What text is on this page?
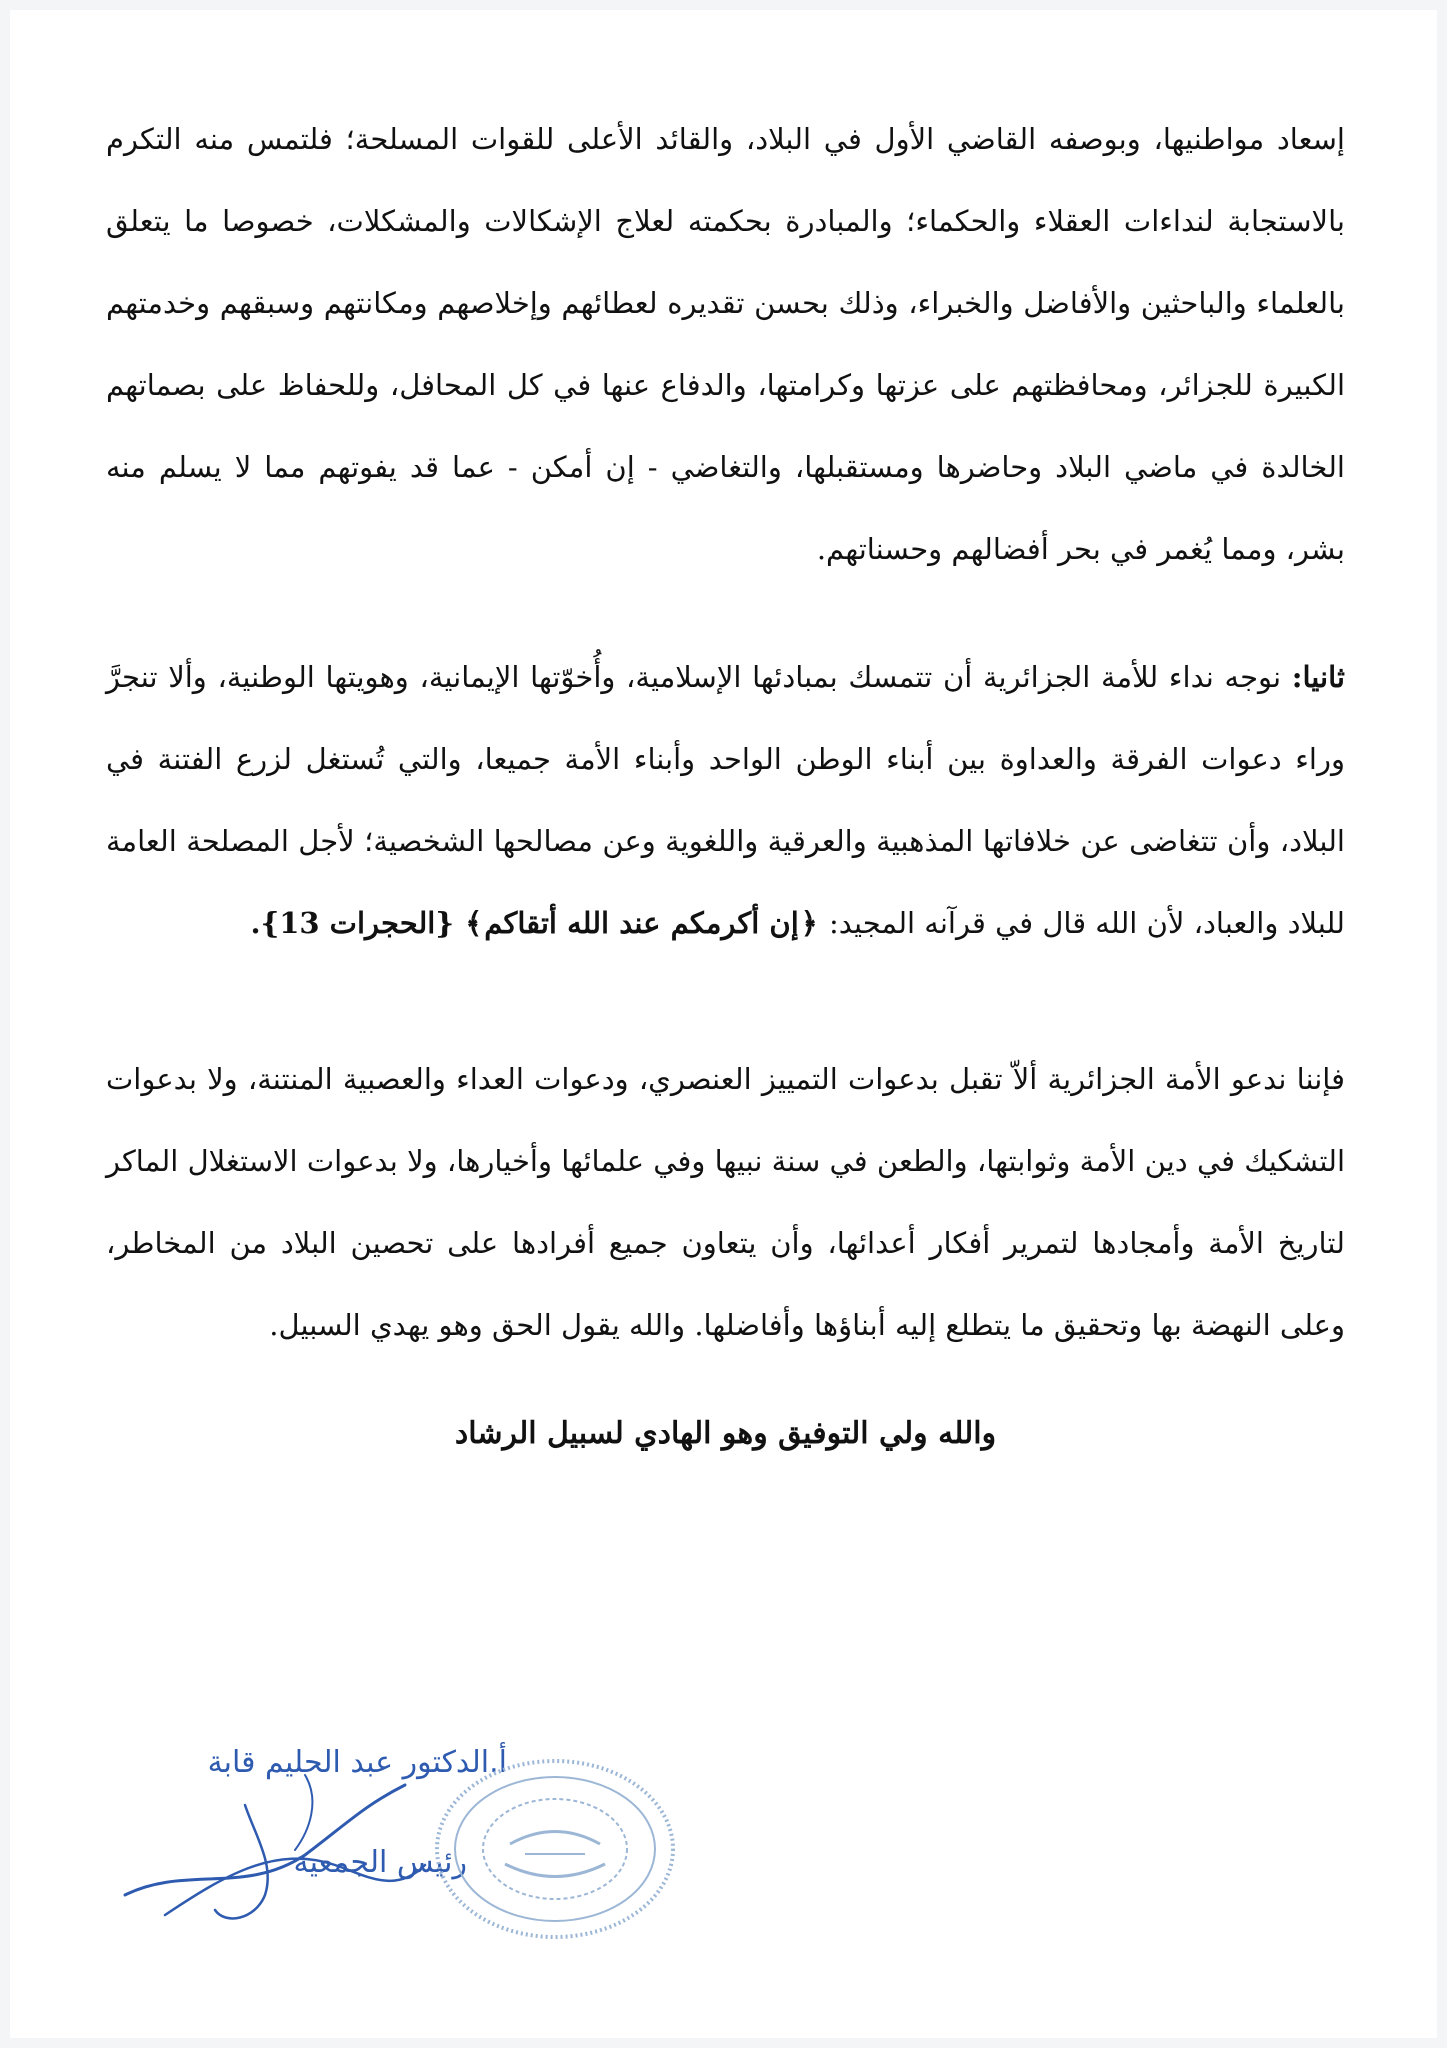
إسعاد مواطنيها، وبوصفه القاضي الأول في البلاد، والقائد الأعلى للقوات المسلحة؛ فلتمس منه التكرم بالاستجابة لنداءات العقلاء والحكماء؛ والمبادرة بحكمته لعلاج الإشكالات والمشكلات، خصوصا ما يتعلق بالعلماء والباحثين والأفاضل والخبراء، وذلك بحسن تقديره لعطائهم وإخلاصهم ومكانتهم وسبقهم وخدمتهم الكبيرة للجزائر، ومحافظتهم على عزتها وكرامتها، والدفاع عنها في كل المحافل، وللحفاظ على بصماتهم الخالدة في ماضي البلاد وحاضرها ومستقبلها، والتغاضي - إن أمكن - عما قد يفوتهم مما لا يسلم منه بشر، ومما يُغمر في بحر أفضالهم وحسناتهم.

ثانيا: نوجه نداء للأمة الجزائرية أن تتمسك بمبادئها الإسلامية، وأُخوّتها الإيمانية، وهويتها الوطنية، وألا تنجرَّ وراء دعوات الفرقة والعداوة بين أبناء الوطن الواحد وأبناء الأمة جميعا، والتي تُستغل لزرع الفتنة في البلاد، وأن تتغاضى عن خلافاتها المذهبية والعرقية واللغوية وعن مصالحها الشخصية؛ لأجل المصلحة العامة للبلاد والعباد، لأن الله قال في قرآنه المجيد: ﴿إن أكرمكم عند الله أتقاكم﴾ {الحجرات 13}.

فإننا ندعو الأمة الجزائرية ألاّ تقبل بدعوات التمييز العنصري، ودعوات العداء والعصبية المنتنة، ولا بدعوات التشكيك في دين الأمة وثوابتها، والطعن في سنة نبيها وفي علمائها وأخيارها، ولا بدعوات الاستغلال الماكر لتاريخ الأمة وأمجادها لتمرير أفكار أعدائها، وأن يتعاون جميع أفرادها على تحصين البلاد من المخاطر، وعلى النهضة بها وتحقيق ما يتطلع إليه أبناؤها وأفاضلها. والله يقول الحق وهو يهدي السبيل.

والله ولي التوفيق وهو الهادي لسبيل الرشاد
أ.الدكتور عبد الحليم قابة
رئيس الجمعية
